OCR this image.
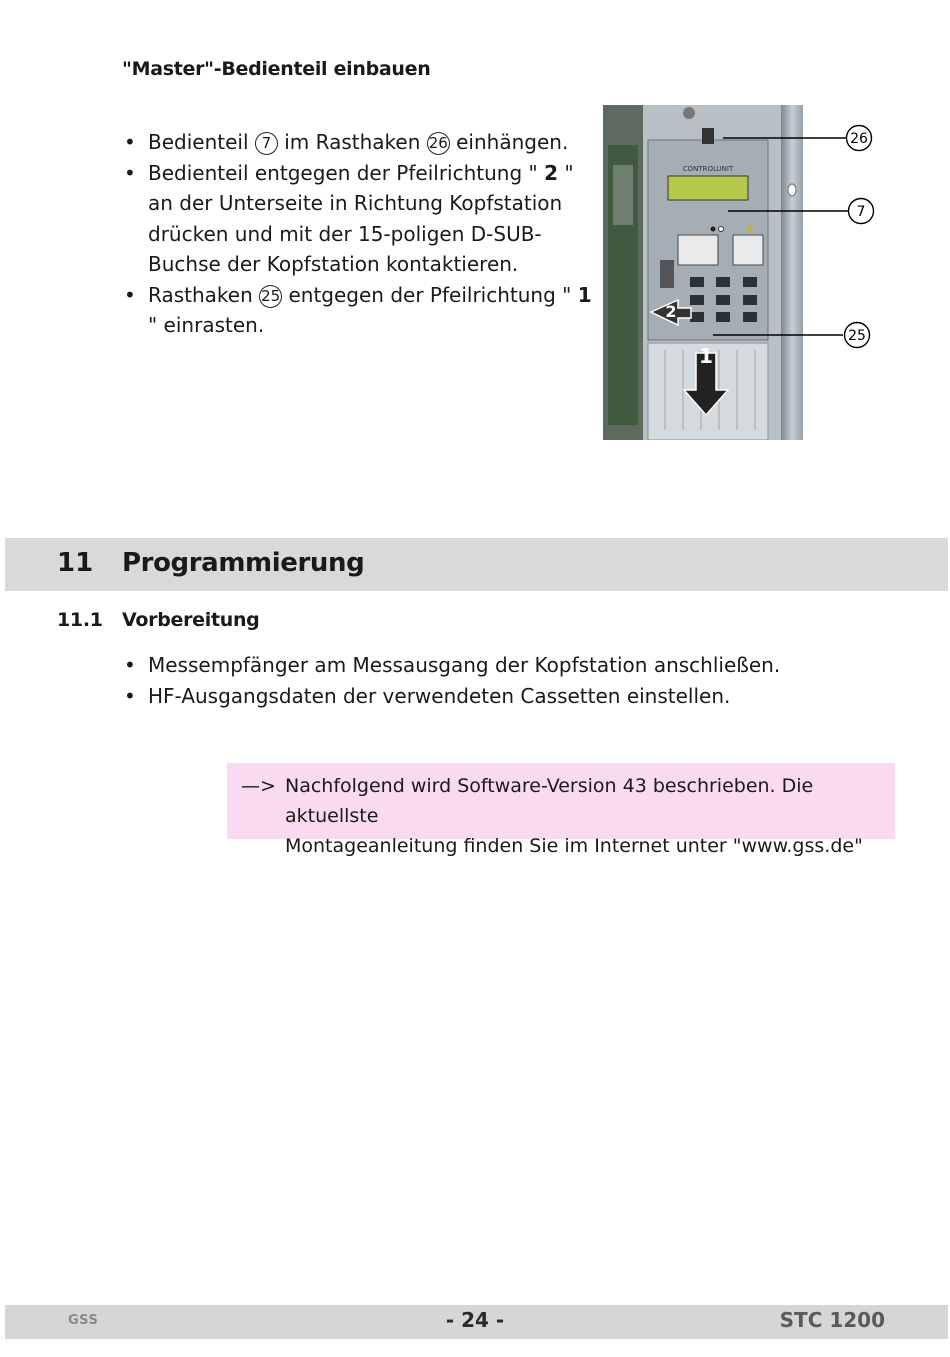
"Master"-Bedienteil einbauen
• Bedienteil 7 im Rasthaken 26 einhängen.
• Bedienteil entgegen der Pfeilrichtung " 2 " an der Unterseite in Richtung Kopfstation drücken und mit der 15-poligen D-SUB-Buchse der Kopfstation kontaktieren.
• Rasthaken 25 entgegen der Pfeilrichtung " 1 " einrasten.
CONTROLUNIT
1
2
26
7
25
11 Programmierung
11.1 Vorbereitung
• Messempfänger am Messausgang der Kopfstation anschließen.
• HF-Ausgangsdaten der verwendeten Cassetten einstellen.
—> Nachfolgend wird Software-Version 43 beschrieben. Die aktuellste
Montageanleitung finden Sie im Internet unter "www.gss.de"
GSS	- 24 -	STC 1200
